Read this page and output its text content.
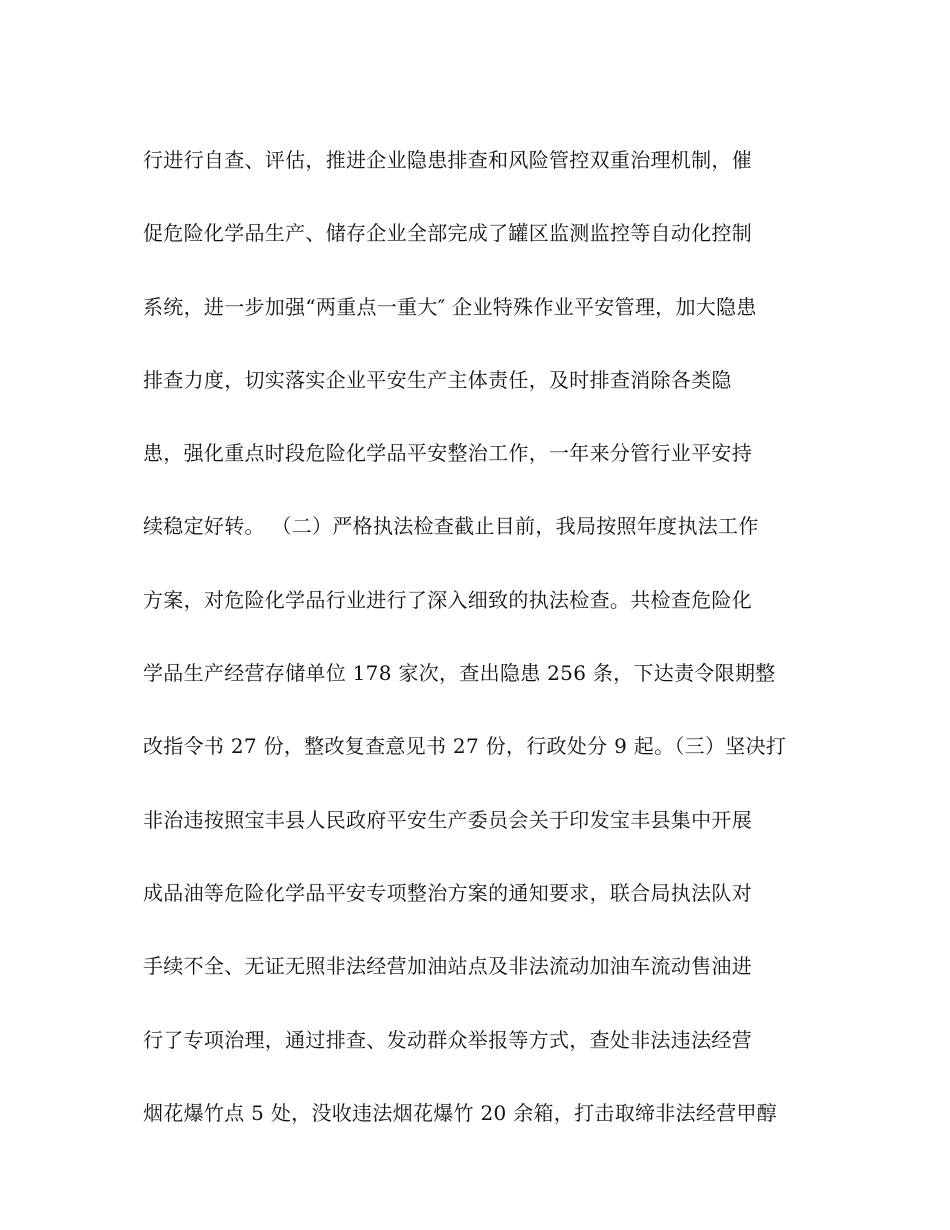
行进行自查、评估，推进企业隐患排查和风险管控双重治理机制，催
促危险化学品生产、储存企业全部完成了罐区监测监控等自动化控制
系统，进一步加强“两重点一重大″ 企业特殊作业平安管理，加大隐患
排查力度，切实落实企业平安生产主体责任，及时排查消除各类隐
患，强化重点时段危险化学品平安整治工作，一年来分管行业平安持
续稳定好转。 （二）严格执法检查截止目前，我局按照年度执法工作
方案，对危险化学品行业进行了深入细致的执法检查。共检查危险化
学品生产经营存储单位 178 家次，查出隐患 256 条，下达责令限期整
改指令书 27 份，整改复查意见书 27 份，行政处分 9 起。（三）坚决打
非治违按照宝丰县人民政府平安生产委员会关于印发宝丰县集中开展
成品油等危险化学品平安专项整治方案的通知要求，联合局执法队对
手续不全、无证无照非法经营加油站点及非法流动加油车流动售油进
行了专项治理，通过排查、发动群众举报等方式，查处非法违法经营
烟花爆竹点 5 处，没收违法烟花爆竹 20 余箱，打击取缔非法经营甲醇
